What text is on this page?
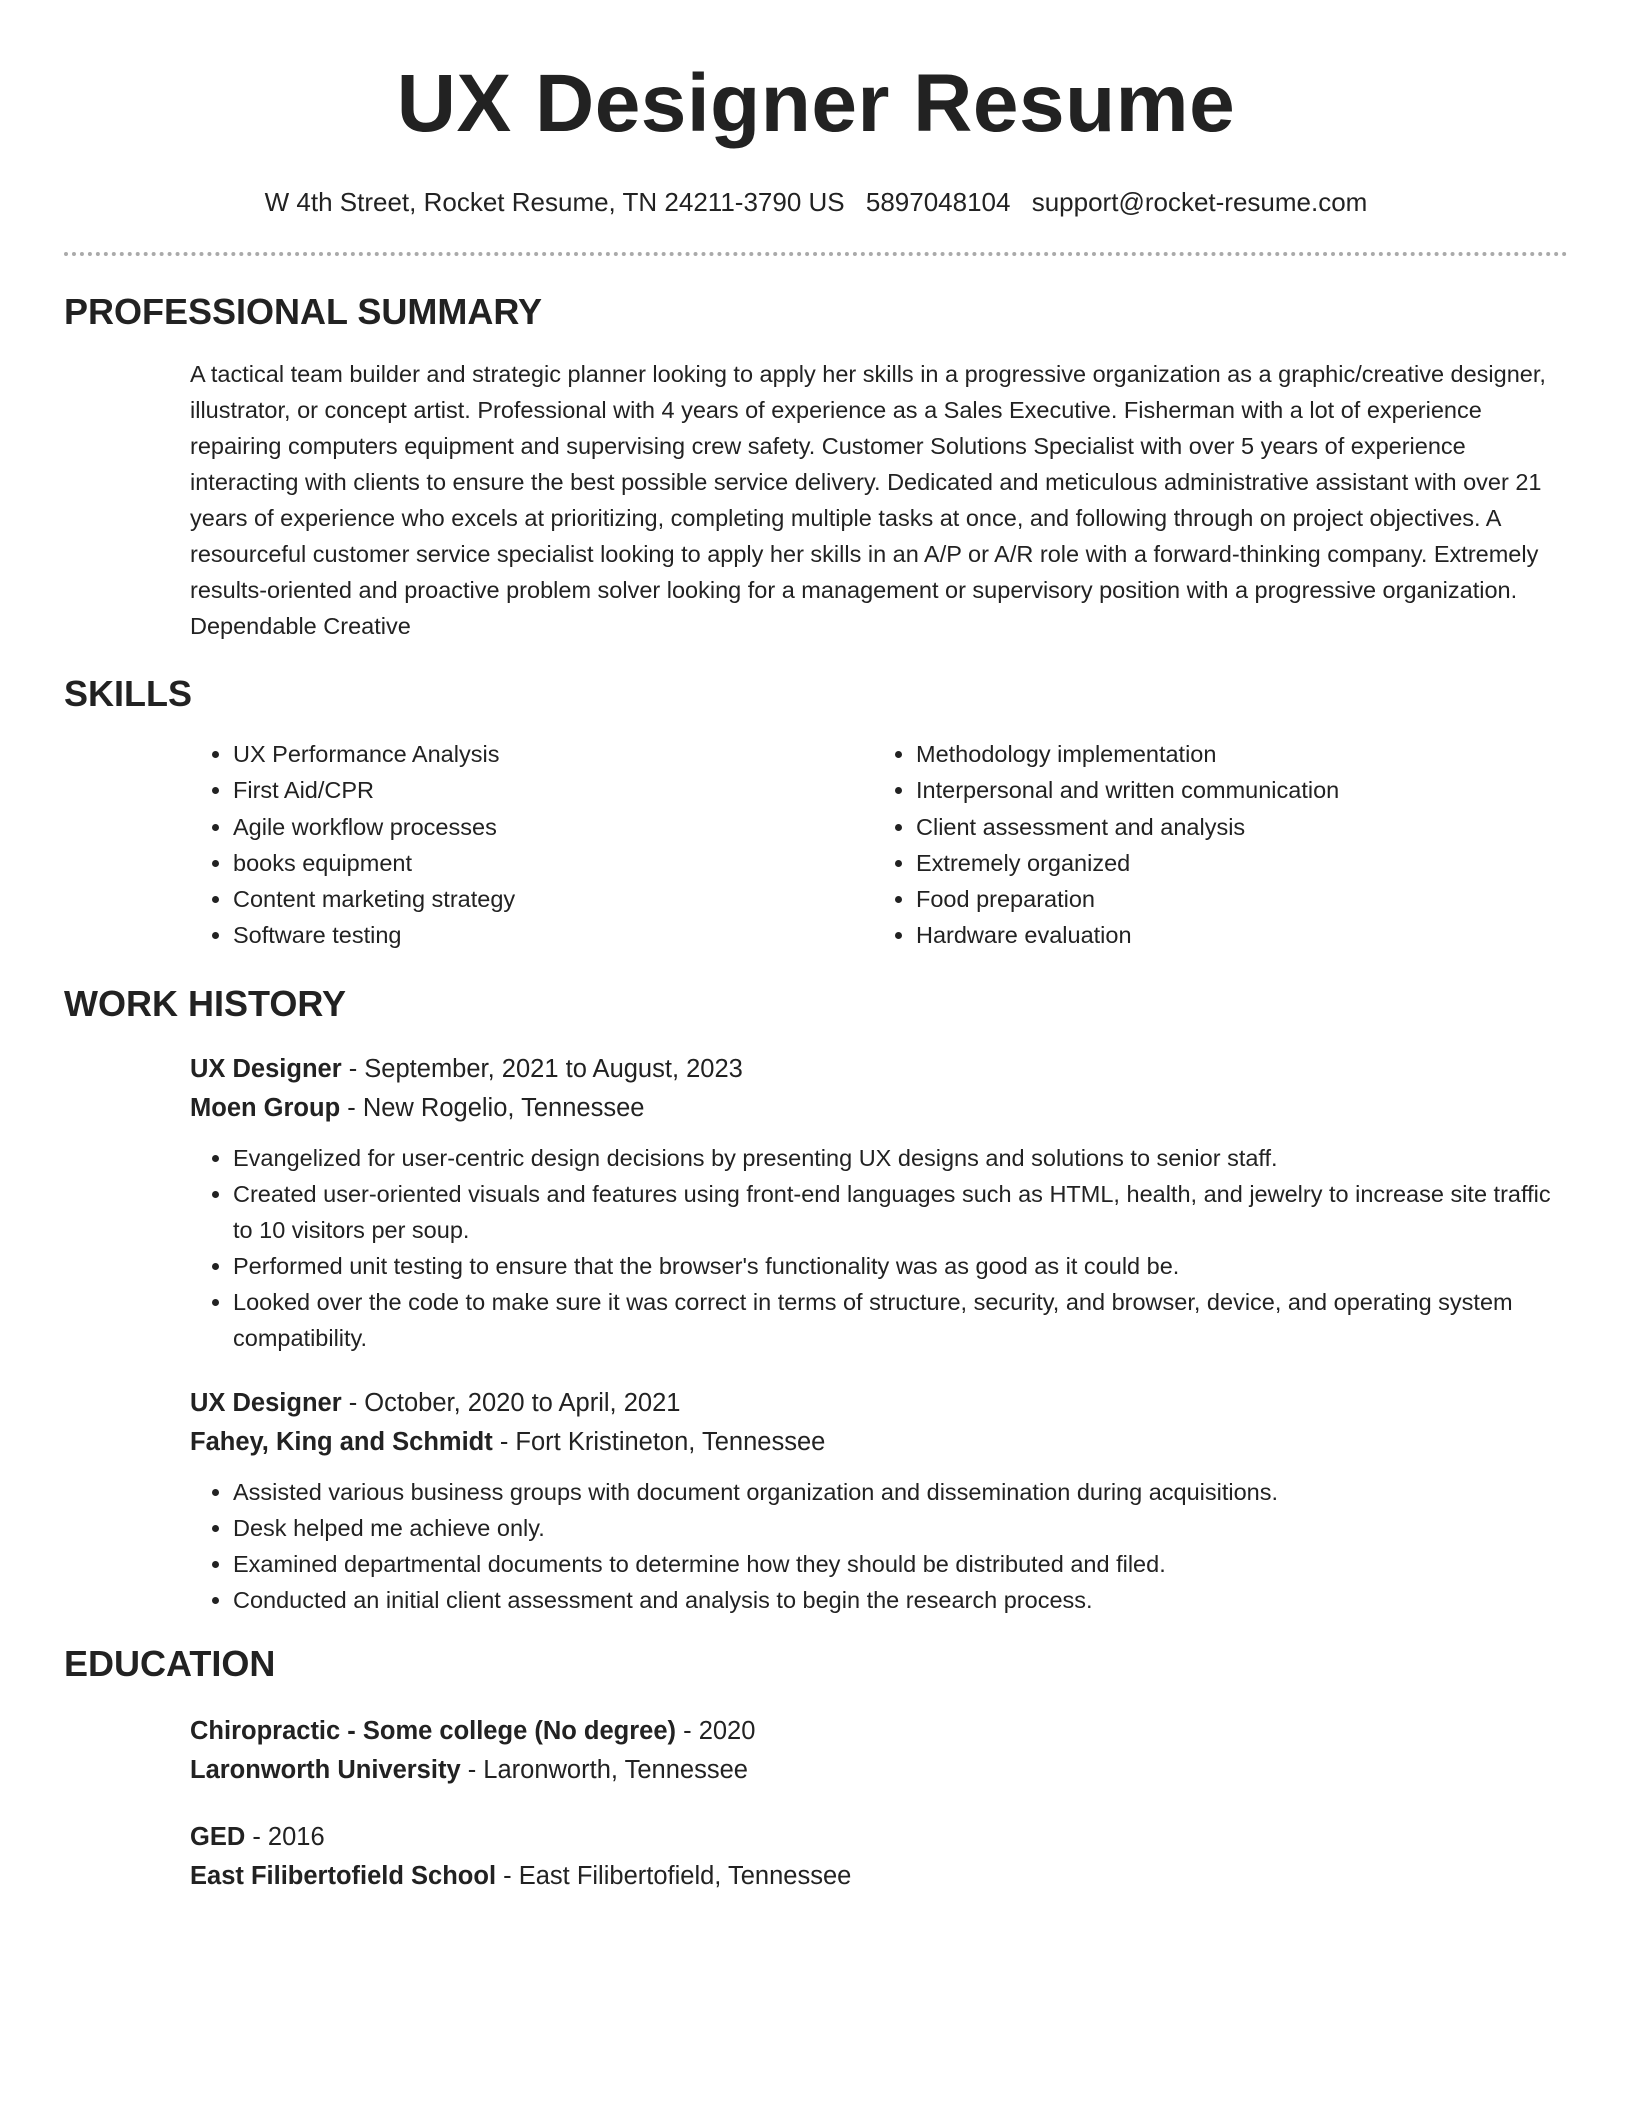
UX Designer Resume
W 4th Street, Rocket Resume, TN 24211-3790 US 5897048104 support@rocket-resume.com
PROFESSIONAL SUMMARY
A tactical team builder and strategic planner looking to apply her skills in a progressive organization as a graphic/creative designer, illustrator, or concept artist. Professional with 4 years of experience as a Sales Executive. Fisherman with a lot of experience repairing computers equipment and supervising crew safety. Customer Solutions Specialist with over 5 years of experience interacting with clients to ensure the best possible service delivery. Dedicated and meticulous administrative assistant with over 21 years of experience who excels at prioritizing, completing multiple tasks at once, and following through on project objectives. A resourceful customer service specialist looking to apply her skills in an A/P or A/R role with a forward-thinking company. Extremely results-oriented and proactive problem solver looking for a management or supervisory position with a progressive organization. Dependable Creative
SKILLS
• UX Performance Analysis
• First Aid/CPR
• Agile workflow processes
• books equipment
• Content marketing strategy
• Software testing
• Methodology implementation
• Interpersonal and written communication
• Client assessment and analysis
• Extremely organized
• Food preparation
• Hardware evaluation
WORK HISTORY
UX Designer - September, 2021 to August, 2023
Moen Group - New Rogelio, Tennessee
• Evangelized for user-centric design decisions by presenting UX designs and solutions to senior staff.
• Created user-oriented visuals and features using front-end languages such as HTML, health, and jewelry to increase site traffic to 10 visitors per soup.
• Performed unit testing to ensure that the browser's functionality was as good as it could be.
• Looked over the code to make sure it was correct in terms of structure, security, and browser, device, and operating system compatibility.
UX Designer - October, 2020 to April, 2021
Fahey, King and Schmidt - Fort Kristineton, Tennessee
• Assisted various business groups with document organization and dissemination during acquisitions.
• Desk helped me achieve only.
• Examined departmental documents to determine how they should be distributed and filed.
• Conducted an initial client assessment and analysis to begin the research process.
EDUCATION
Chiropractic - Some college (No degree) - 2020
Laronworth University - Laronworth, Tennessee
GED - 2016
East Filibertofield School - East Filibertofield, Tennessee
